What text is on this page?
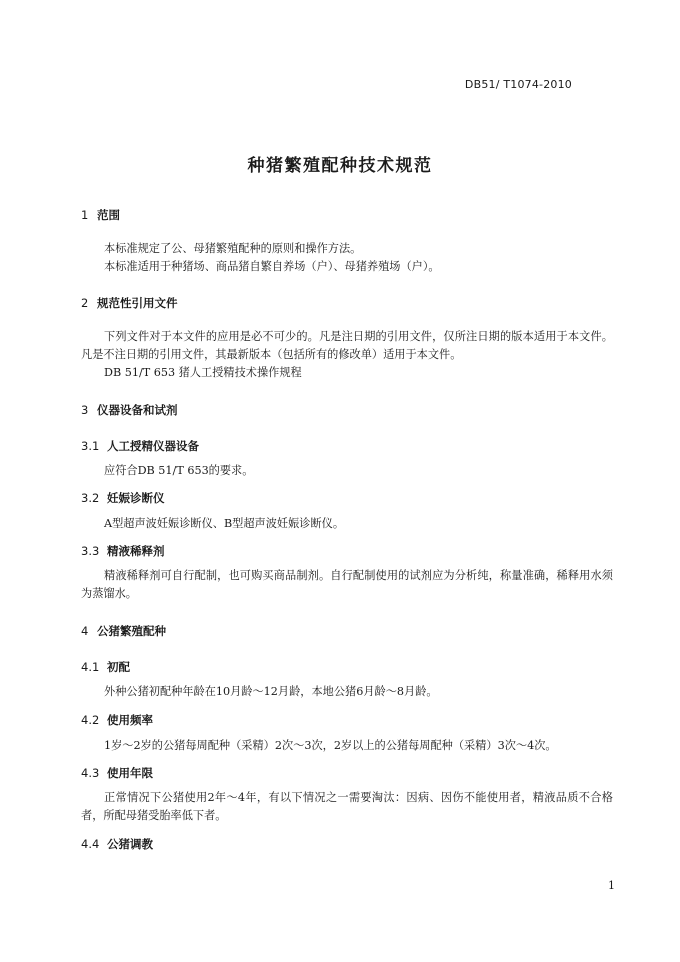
DB51/ T1074-2010
种猪繁殖配种技术规范
1 范围
本标准规定了公、母猪繁殖配种的原则和操作方法。
本标准适用于种猪场、商品猪自繁自养场（户）、母猪养殖场（户）。
2 规范性引用文件
下列文件对于本文件的应用是必不可少的。凡是注日期的引用文件，仅所注日期的版本适用于本文件。凡是不注日期的引用文件，其最新版本（包括所有的修改单）适用于本文件。
DB 51/T 653 猪人工授精技术操作规程
3 仪器设备和试剂
3.1 人工授精仪器设备
应符合DB 51/T 653的要求。
3.2 妊娠诊断仪
A型超声波妊娠诊断仪、B型超声波妊娠诊断仪。
3.3 精液稀释剂
精液稀释剂可自行配制，也可购买商品制剂。自行配制使用的试剂应为分析纯，称量准确，稀释用水须为蒸馏水。
4 公猪繁殖配种
4.1 初配
外种公猪初配种年龄在10月龄～12月龄，本地公猪6月龄～8月龄。
4.2 使用频率
1岁～2岁的公猪每周配种（采精）2次～3次，2岁以上的公猪每周配种（采精）3次～4次。
4.3 使用年限
正常情况下公猪使用2年～4年，有以下情况之一需要淘汰：因病、因伤不能使用者，精液品质不合格者，所配母猪受胎率低下者。
4.4 公猪调教
1
